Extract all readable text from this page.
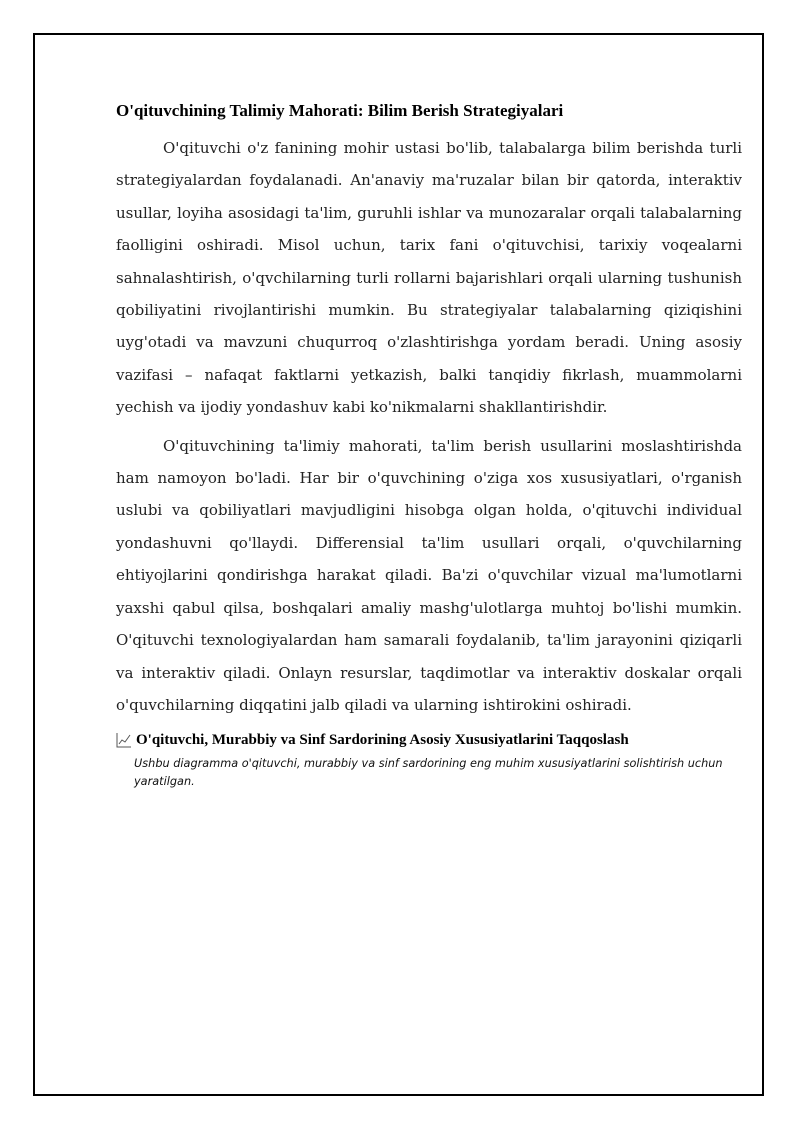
O'qituvchining Talimiy Mahorati: Bilim Berish Strategiyalari

O'qituvchi o'z fanining mohir ustasi bo'lib, talabalarga bilim berishda turli strategiyalardan foydalanadi. An'anaviy ma'ruzalar bilan bir qatorda, interaktiv usullar, loyiha asosidagi ta'lim, guruhli ishlar va munozaralar orqali talabalarning faolligini oshiradi. Misol uchun, tarix fani o'qituvchisi, tarixiy voqealarni sahnalashtirish, o'qvchilarning turli rollarni bajarishlari orqali ularning tushunish qobiliyatini rivojlantirishi mumkin. Bu strategiyalar talabalarning qiziqishini uyg'otadi va mavzuni chuqurroq o'zlashtirishga yordam beradi. Uning asosiy vazifasi – nafaqat faktlarni yetkazish, balki tanqidiy fikrlash, muammolarni yechish va ijodiy yondashuv kabi ko'nikmalarni shakllantirishdir.

O'qituvchining ta'limiy mahorati, ta'lim berish usullarini moslashtirishda ham namoyon bo'ladi. Har bir o'quvchining o'ziga xos xususiyatlari, o'rganish uslubi va qobiliyatlari mavjudligini hisobga olgan holda, o'qituvchi individual yondashuvni qo'llaydi. Differensial ta'lim usullari orqali, o'quvchilarning ehtiyojlarini qondirishga harakat qiladi. Ba'zi o'quvchilar vizual ma'lumotlarni yaxshi qabul qilsa, boshqalari amaliy mashg'ulotlarga muhtoj bo'lishi mumkin. O'qituvchi texnologiyalardan ham samarali foydalanib, ta'lim jarayonini qiziqarli va interaktiv qiladi. Onlayn resurslar, taqdimotlar va interaktiv doskalar orqali o'quvchilarning diqqatini jalb qiladi va ularning ishtirokini oshiradi.

O'qituvchi, Murabbiy va Sinf Sardorining Asosiy Xususiyatlarini Taqqoslash
Ushbu diagramma o'qituvchi, murabbiy va sinf sardorining eng muhim xususiyatlarini solishtirish uchun yaratilgan.
